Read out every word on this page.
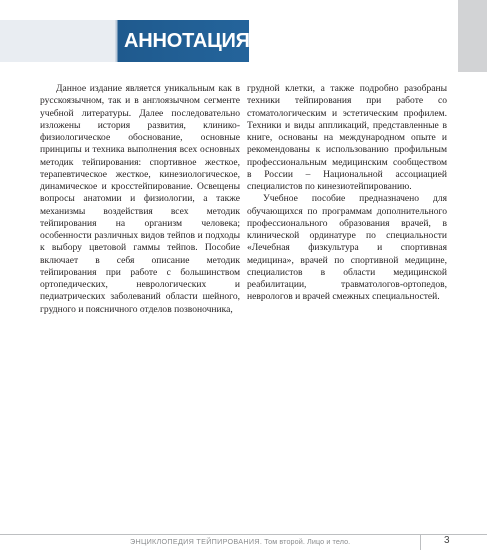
АННОТАЦИЯ

Данное издание является уникальным как в русскоязычном, так и в англоязычном сегменте учебной литературы. Далее последовательно изложены история развития, клинико-физиологическое обоснование, основные принципы и техника выполнения всех основных методик тейпирования: спортивное жесткое, терапевтическое жесткое, кинезиологическое, динамическое и кросстейпирование. Освещены вопросы анатомии и физиологии, а также механизмы воздействия всех методик тейпирования на организм человека; особенности различных видов тейпов и подходы к выбору цветовой гаммы тейпов. Пособие включает в себя описание методик тейпирования при работе с большинством ортопедических, неврологических и педиатрических заболеваний области шейного, грудного и поясничного отделов позвоночника,

грудной клетки, а также подробно разобраны техники тейпирования при работе со стоматологическим и эстетическим профилем. Техники и виды аппликаций, представленные в книге, основаны на международном опыте и рекомендованы к использованию профильным профессиональным медицинским сообществом в России – Национальной ассоциацией специалистов по кинезиотейпированию.

Учебное пособие предназначено для обучающихся по программам дополнительного профессионального образования врачей, в клинической ординатуре по специальности «Лечебная физкультура и спортивная медицина», врачей по спортивной медицине, специалистов в области медицинской реабилитации, травматологов-ортопедов, неврологов и врачей смежных специальностей.

ЭНЦИКЛОПЕДИЯ ТЕЙПИРОВАНИЯ. Том второй. Лицо и тело.	3
